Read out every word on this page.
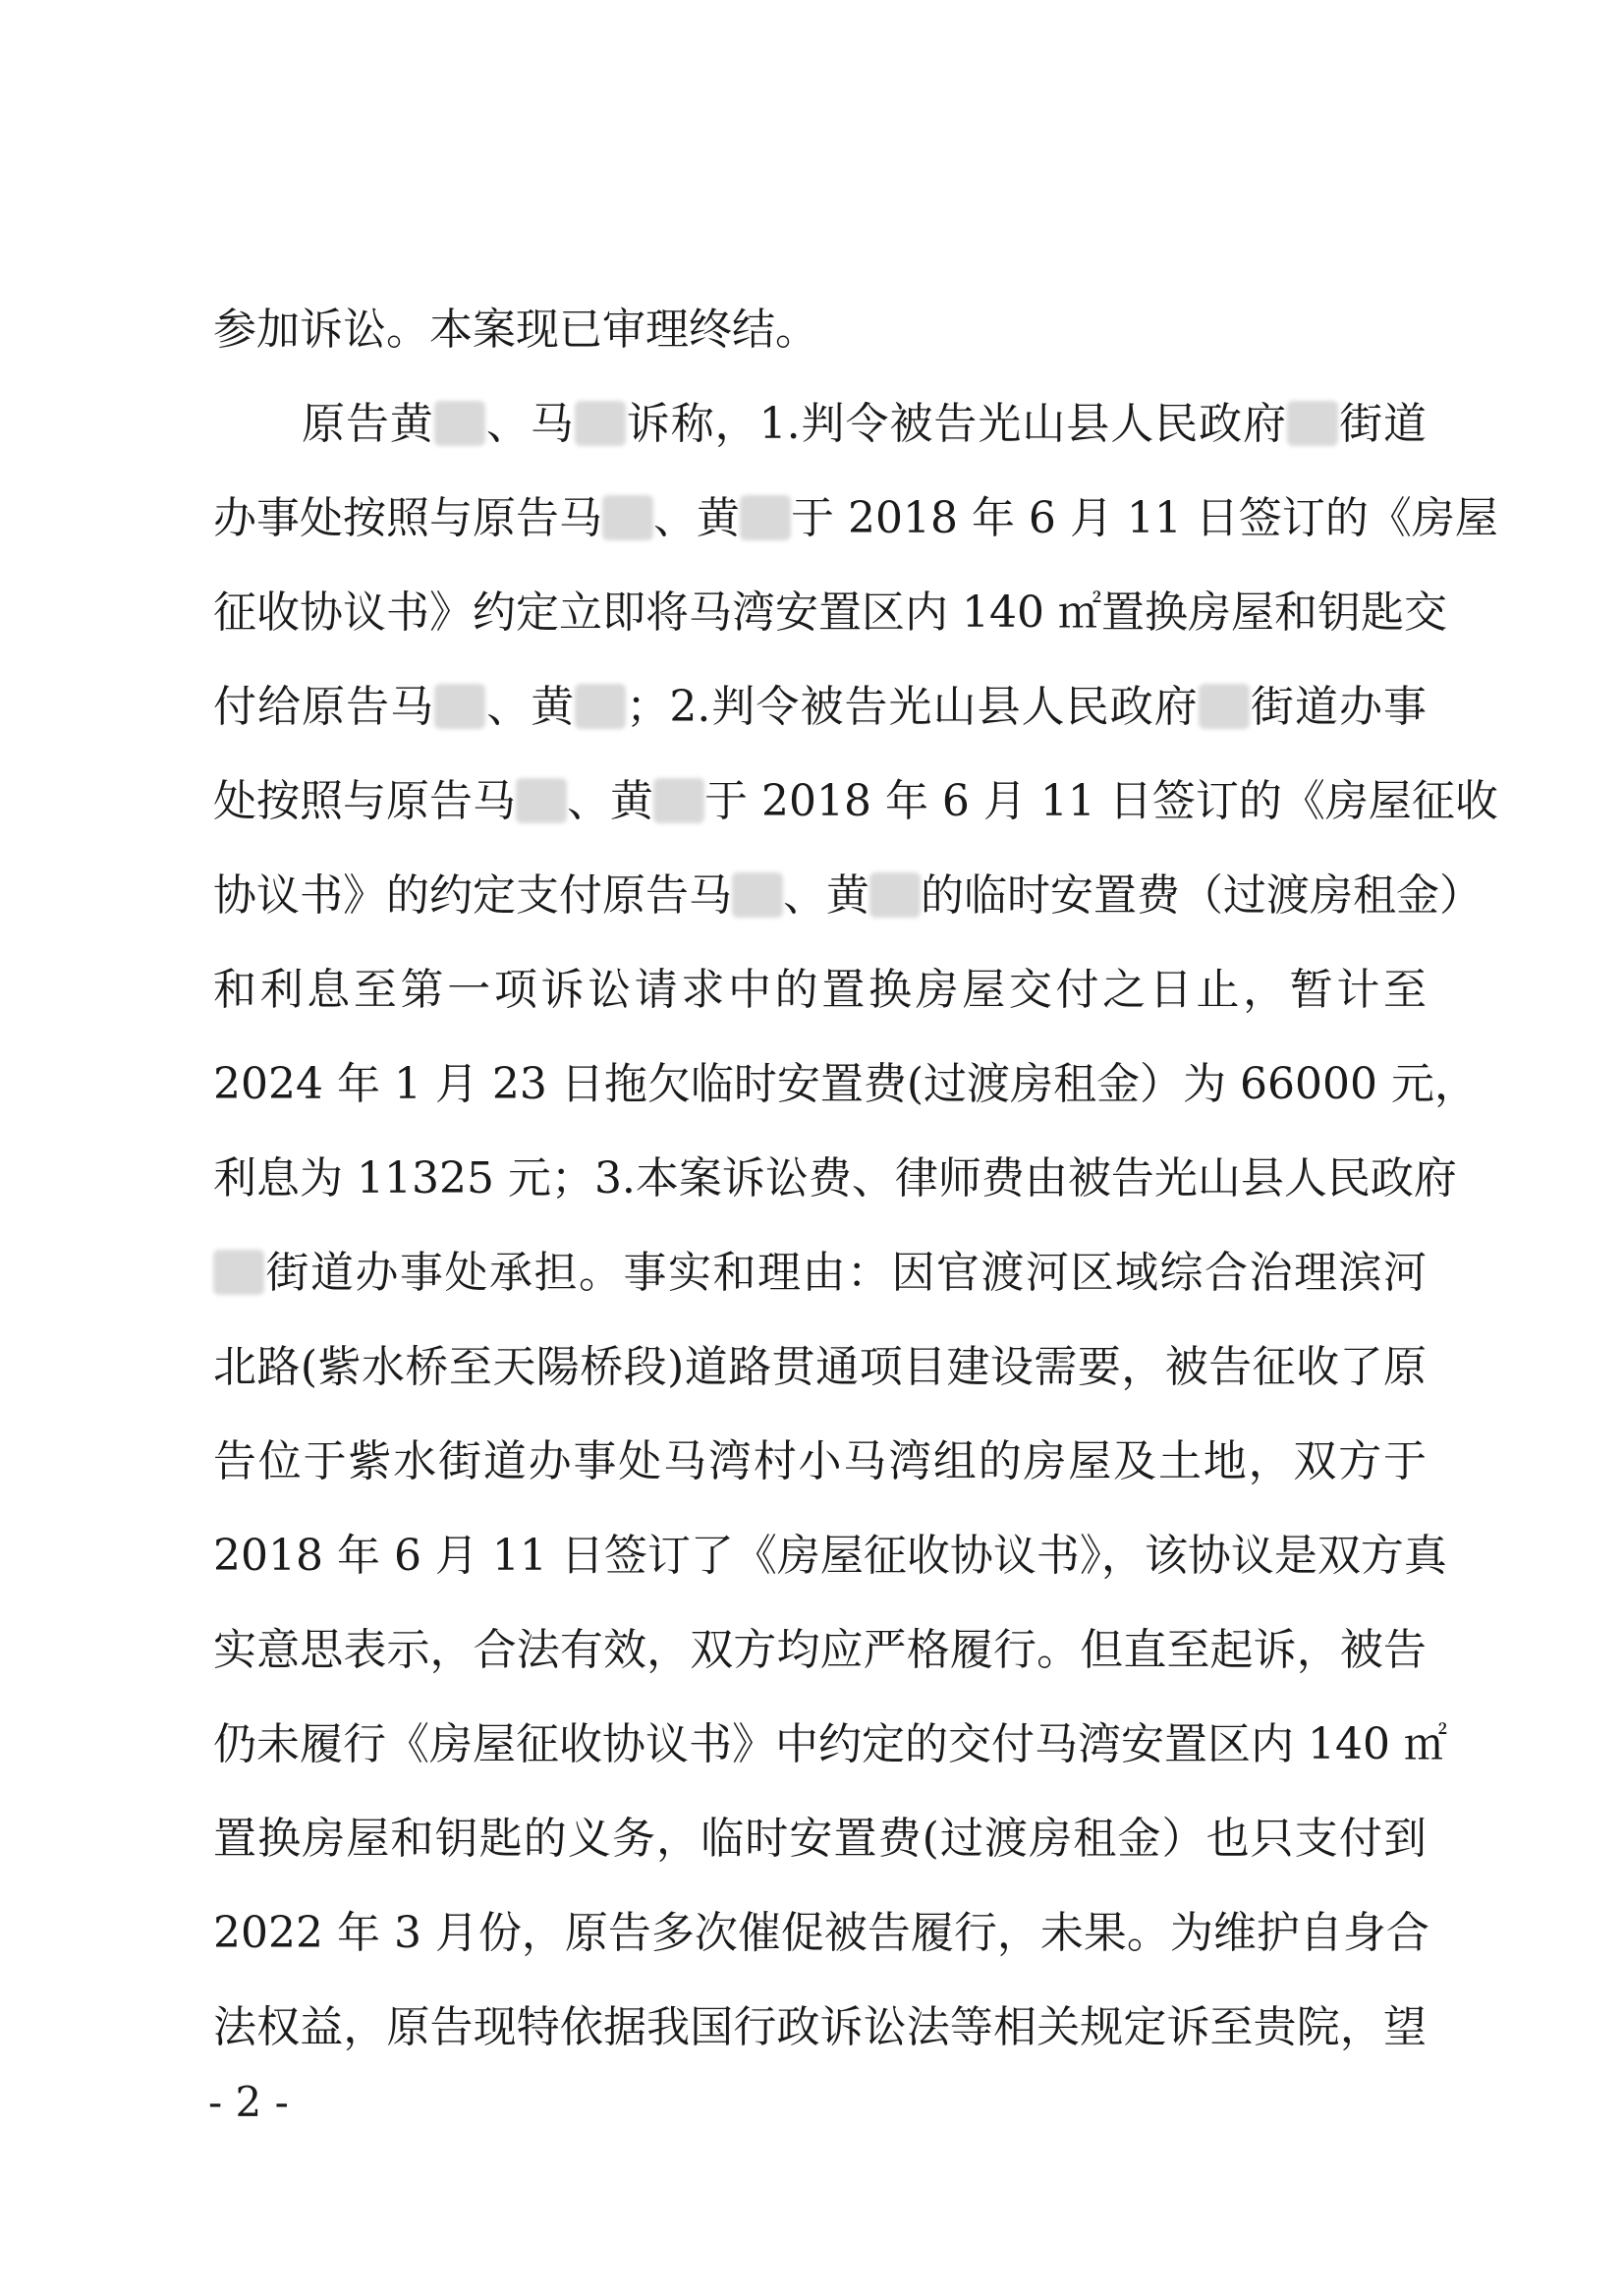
参加诉讼。本案现已审理终结。
原告黄 、马 诉称，1.判令被告光山县人民政府 街道
办事处按照与原告马 、黄 于 2018 年 6 月 11 日签订的《房屋
征收协议书》约定立即将马湾安置区内 140 ㎡置换房屋和钥匙交
付给原告马 、黄 ；2.判令被告光山县人民政府 街道办事
处按照与原告马 、黄 于 2018 年 6 月 11 日签订的《房屋征收
协议书》的约定支付原告马 、黄 的临时安置费（过渡房租金）
和利息至第一项诉讼请求中的置换房屋交付之日止，暂计至
2024 年 1 月 23 日拖欠临时安置费(过渡房租金）为 66000 元，
利息为 11325 元；3.本案诉讼费、律师费由被告光山县人民政府
街道办事处承担。事实和理由：因官渡河区域综合治理滨河
北路(紫水桥至天陽桥段)道路贯通项目建设需要，被告征收了原
告位于紫水街道办事处马湾村小马湾组的房屋及土地，双方于
2018 年 6 月 11 日签订了《房屋征收协议书》，该协议是双方真
实意思表示，合法有效，双方均应严格履行。但直至起诉，被告
仍未履行《房屋征收协议书》中约定的交付马湾安置区内 140 ㎡
置换房屋和钥匙的义务，临时安置费(过渡房租金）也只支付到
2022 年 3 月份，原告多次催促被告履行，未果。为维护自身合
法权益，原告现特依据我国行政诉讼法等相关规定诉至贵院，望
- 2 -
